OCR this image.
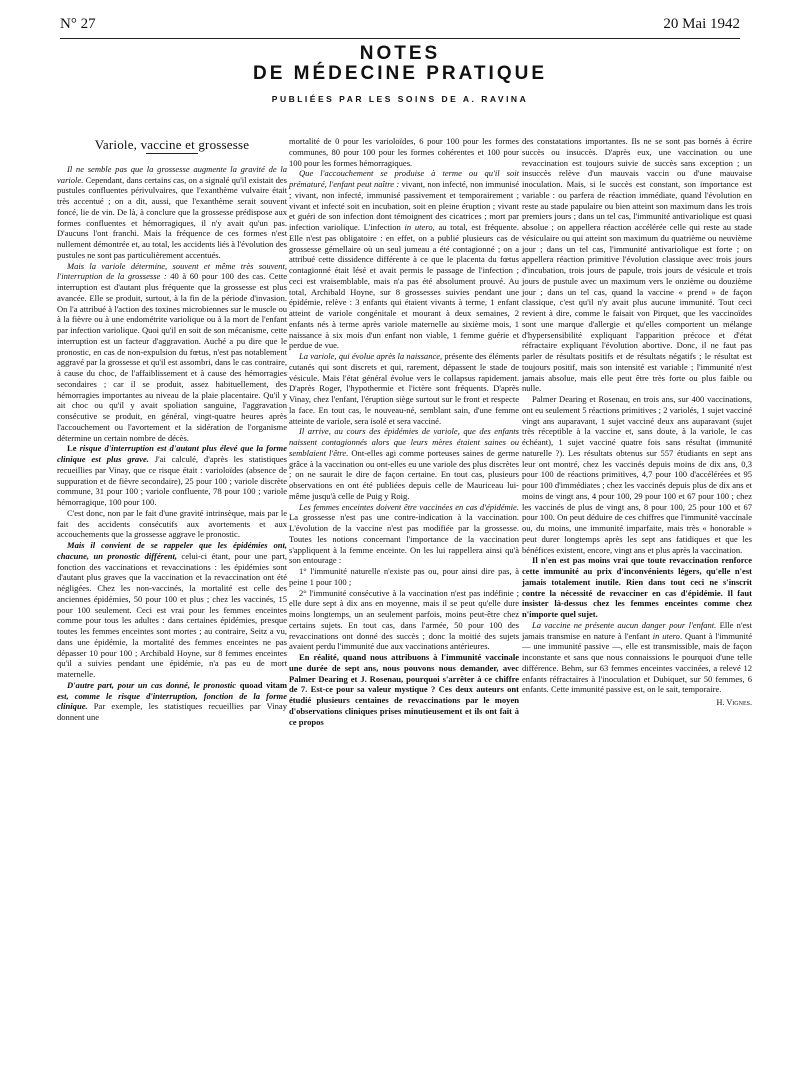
N° 27	20 Mai 1942
NOTES
DE MÉDECINE PRATIQUE
PUBLIÉES PAR LES SOINS DE A. RAVINA

Variole, vaccine et grossesse

Il ne semble pas que la grossesse augmente la gravité de la variole. Cependant, dans certains cas, on a signalé qu'il existait des pustules confluentes périvulvaires, que l'exanthème vulvaire était très accentué ; on a dit, aussi, que l'exanthème serait souvent foncé, lie de vin. De là, à conclure que la grossesse prédispose aux formes confluentes et hémorragiques, il n'y avait qu'un pas. D'aucuns l'ont franchi. Mais la fréquence de ces formes n'est nullement démontrée et, au total, les accidents liés à l'évolution des pustules ne sont pas particulièrement accentués.

Mais la variole détermine, souvent et même très souvent, l'interruption de la grossesse : 40 à 60 pour 100 des cas. Cette interruption est d'autant plus fréquente que la grossesse est plus avancée. Elle se produit, surtout, à la fin de la période d'invasion. On l'a attribué à l'action des toxines microbiennes sur le muscle ou à la fièvre ou à une endométrite variolique ou à la mort de l'enfant par infection variolique. Quoi qu'il en soit de son mécanisme, cette interruption est un facteur d'aggravation. Auché a pu dire que le pronostic, en cas de non-expulsion du fœtus, n'est pas notablement aggravé par la grossesse et qu'il est assombri, dans le cas contraire, à cause du choc, de l'affaiblissement et à cause des hémorragies secondaires ; car il se produit, assez habituellement, des hémorragies importantes au niveau de la plaie placentaire. Qu'il y ait choc ou qu'il y avait spoliation sanguine, l'aggravation consécutive se produit, en général, vingt-quatre heures après l'accouchement ou l'avortement et la sidération de l'organisme détermine un certain nombre de décès.

Le risque d'interruption est d'autant plus élevé que la forme clinique est plus grave. J'ai calculé, d'après les statistiques recueillies par Vinay, que ce risque était : varioloïdes (absence de suppuration et de fièvre secondaire), 25 pour 100 ; variole discrète commune, 31 pour 100 ; variole confluente, 78 pour 100 ; variole hémorragique, 100 pour 100.

C'est donc, non par le fait d'une gravité intrinsèque, mais par le fait des accidents consécutifs aux avortements et aux accouchements que la grossesse aggrave le pronostic.

Mais il convient de se rappeler que les épidémies ont, chacune, un pronostic différent, celui-ci étant, pour une part, fonction des vaccinations et revaccinations : les épidémies sont d'autant plus graves que la vaccination et la revaccination ont été négligées. Chez les non-vaccinés, la mortalité est celle des anciennes épidémies, 50 pour 100 et plus ; chez les vaccinés, 15 pour 100 seulement. Ceci est vrai pour les femmes enceintes comme pour tous les adultes : dans certaines épidémies, presque toutes les femmes enceintes sont mortes ; au contraire, Seitz a vu, dans une épidémie, la mortalité des femmes enceintes ne pas dépasser 10 pour 100 ; Archibald Hoyne, sur 8 femmes enceintes qu'il a suivies pendant une épidémie, n'a pas eu de mort maternelle.

D'autre part, pour un cas donné, le pronostic quoad vitam est, comme le risque d'interruption, fonction de la forme clinique. Par exemple, les statistiques recueillies par Vinay donnent une

mortalité de 0 pour les varioloïdes, 6 pour 100 pour les formes communes, 80 pour 100 pour les formes cohérentes et 100 pour 100 pour les formes hémorragiques.

Que l'accouchement se produise à terme ou qu'il soit prématuré, l'enfant peut naître : vivant, non infecté, non immunisé ; vivant, non infecté, immunisé passivement et temporairement ; vivant et infecté soit en incubation, soit en pleine éruption ; vivant et guéri de son infection dont témoignent des cicatrices ; mort par infection variolique. L'infection in utero, au total, est fréquente. Elle n'est pas obligatoire : en effet, on a publié plusieurs cas de grossesse gémellaire où un seul jumeau a été contagionné ; on a attribué cette dissidence différente à ce que le placenta du fœtus contagionné était lésé et avait permis le passage de l'infection ; ceci est vraisemblable, mais n'a pas été absolument prouvé. Au total, Archibald Hoyne, sur 8 grossesses suivies pendant une épidémie, relève : 3 enfants qui étaient vivants à terme, 1 enfant atteint de variole congénitale et mourant à deux semaines, 2 enfants nés à terme après variole maternelle au sixième mois, 1 naissance à six mois d'un enfant non viable, 1 femme guérie et perdue de vue.

La variole, qui évolue après la naissance, présente des éléments cutanés qui sont discrets et qui, rarement, dépassent le stade de vésicule. Mais l'état général évolue vers le collapsus rapidement. D'après Roger, l'hypothermie et l'ictère sont fréquents. D'après Vinay, chez l'enfant, l'éruption siège surtout sur le front et respecte la face. En tout cas, le nouveau-né, semblant sain, d'une femme atteinte de variole, sera isolé et sera vacciné.

Il arrive, au cours des épidémies de variole, que des enfants naissent contagionnés alors que leurs mères étaient saines ou semblaient l'être. Ont-elles agi comme porteuses saines de germe grâce à la vaccination ou ont-elles eu une variole des plus discrètes ; on ne saurait le dire de façon certaine. En tout cas, plusieurs observations en ont été publiées depuis celle de Mauriceau lui-même jusqu'à celle de Puig y Roig.

Les femmes enceintes doivent être vaccinées en cas d'épidémie. La grossesse n'est pas une contre-indication à la vaccination. L'évolution de la vaccine n'est pas modifiée par la grossesse. Toutes les notions concernant l'importance de la vaccination s'appliquent à la femme enceinte. On les lui rappellera ainsi qu'à son entourage :

1° l'immunité naturelle n'existe pas ou, pour ainsi dire pas, à peine 1 pour 100 ;

2° l'immunité consécutive à la vaccination n'est pas indéfinie ; elle dure sept à dix ans en moyenne, mais il se peut qu'elle dure moins longtemps, un an seulement parfois, moins peut-être chez certains sujets. En tout cas, dans l'armée, 50 pour 100 des revaccinations ont donné des succès ; donc la moitié des sujets avaient perdu l'immunité due aux vaccinations antérieures.

En réalité, quand nous attribuons à l'immunité vaccinale une durée de sept ans, nous pouvons nous demander, avec Palmer Dearing et J. Rosenau, pourquoi s'arrêter à ce chiffre de 7. Est-ce pour sa valeur mystique ? Ces deux auteurs ont étudié plusieurs centaines de revaccinations par le moyen d'observations cliniques prises minutieusement et ils ont fait à ce propos

des constatations importantes. Ils ne se sont pas bornés à écrire succès ou insuccès. D'après eux, une vaccination ou une revaccination est toujours suivie de succès sans exception ; un insuccès relève d'un mauvais vaccin ou d'une mauvaise inoculation. Mais, si le succès est constant, son importance est variable : ou parfera de réaction immédiate, quand l'évolution en reste au stade papulaire ou bien atteint son maximum dans les trois premiers jours ; dans un tel cas, l'immunité antivariolique est quasi absolue ; on appellera réaction accélérée celle qui reste au stade vésiculaire ou qui atteint son maximum du quatrième ou neuvième jour ; dans un tel cas, l'immunité antivariolique est forte ; on appellera réaction primitive l'évolution classique avec trois jours d'incubation, trois jours de papule, trois jours de vésicule et trois jours de pustule avec un maximum vers le onzième ou douzième jour ; dans un tel cas, quand la vaccine « prend » de façon classique, c'est qu'il n'y avait plus aucune immunité. Tout ceci revient à dire, comme le faisait von Pirquet, que les vaccinoïdes sont une marque d'allergie et qu'elles comportent un mélange d'hypersensibilité expliquant l'apparition précoce et d'état réfractaire expliquant l'évolution abortive. Donc, il ne faut pas parler de résultats positifs et de résultats négatifs ; le résultat est toujours positif, mais son intensité est variable ; l'immunité n'est jamais absolue, mais elle peut être très forte ou plus faible ou nulle.

Palmer Dearing et Rosenau, en trois ans, sur 400 vaccinations, ont eu seulement 5 réactions primitives ; 2 variolés, 1 sujet vacciné vingt ans auparavant, 1 sujet vacciné deux ans auparavant (sujet très réceptible à la vaccine et, sans doute, à la variole, le cas échéant), 1 sujet vacciné quatre fois sans résultat (immunité naturelle ?). Les résultats obtenus sur 557 étudiants en sept ans leur ont montré, chez les vaccinés depuis moins de dix ans, 0,3 pour 100 de réactions primitives, 4,7 pour 100 d'accélérées et 95 pour 100 d'immédiates ; chez les vaccinés depuis plus de dix ans et moins de vingt ans, 4 pour 100, 29 pour 100 et 67 pour 100 ; chez les vaccinés de plus de vingt ans, 8 pour 100, 25 pour 100 et 67 pour 100. On peut déduire de ces chiffres que l'immunité vaccinale ou, du moins, une immunité imparfaite, mais très « honorable » peut durer longtemps après les sept ans fatidiques et que les bénéfices existent, encore, vingt ans et plus après la vaccination.

Il n'en est pas moins vrai que toute revaccination renforce cette immunité au prix d'inconvénients légers, qu'elle n'est jamais totalement inutile. Rien dans tout ceci ne s'inscrit contre la nécessité de revacciner en cas d'épidémie. Il faut insister là-dessus chez les femmes enceintes comme chez n'importe quel sujet.

La vaccine ne présente aucun danger pour l'enfant. Elle n'est jamais transmise en nature à l'enfant in utero. Quant à l'immunité — une immunité passive —, elle est transmissible, mais de façon inconstante et sans que nous connaissions le pourquoi d'une telle différence. Behm, sur 63 femmes enceintes vaccinées, a relevé 12 enfants réfractaires à l'inoculation et Dubiquet, sur 50 femmes, 6 enfants. Cette immunité passive est, on le sait, temporaire.

H. Vignes.
